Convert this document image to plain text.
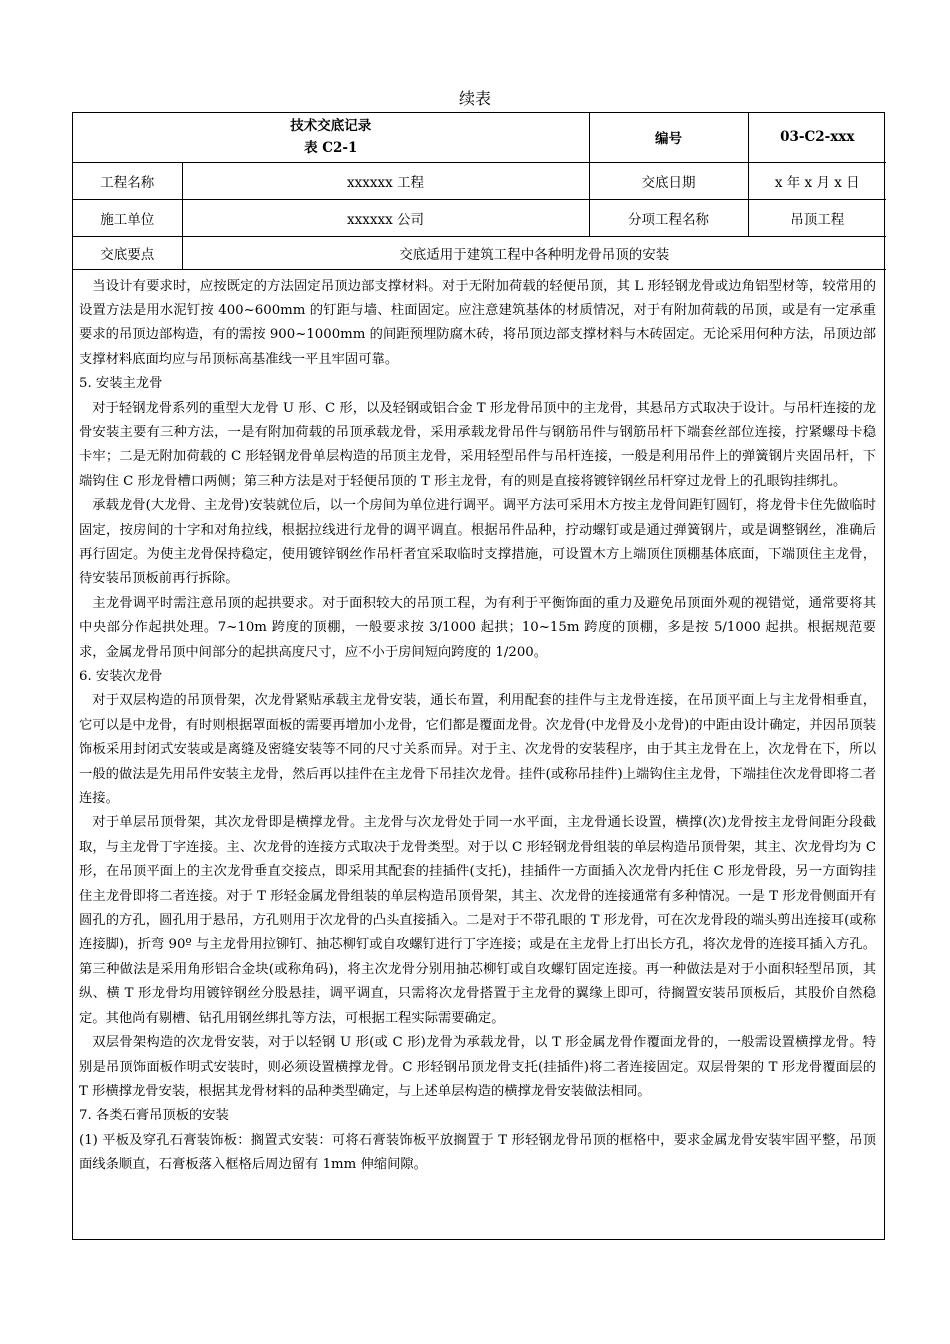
续表
技术交底记录
表 C2-1		编号	03-C2-xxx
工程名称	xxxxxx 工程	交底日期	x 年 x 月 x 日
施工单位	xxxxxx 公司	分项工程名称	吊顶工程
交底要点	交底适用于建筑工程中各种明龙骨吊顶的安装		

当设计有要求时，应按既定的方法固定吊顶边部支撑材料。对于无附加荷载的轻便吊顶，其 L 形轻钢龙骨或边角铝型材等，较常用的设置方法是用水泥钉按 400~600mm 的钉距与墙、柱面固定。应注意建筑基体的材质情况，对于有附加荷载的吊顶，或是有一定承重要求的吊顶边部构造，有的需按 900~1000mm 的间距预埋防腐木砖，将吊顶边部支撑材料与木砖固定。无论采用何种方法，吊顶边部支撑材料底面均应与吊顶标高基准线一平且牢固可靠。

5. 安装主龙骨

对于轻钢龙骨系列的重型大龙骨 U 形、C 形，以及轻钢或铝合金 T 形龙骨吊顶中的主龙骨，其悬吊方式取决于设计。与吊杆连接的龙骨安装主要有三种方法，一是有附加荷载的吊顶承载龙骨，采用承载龙骨吊件与钢筋吊件与钢筋吊杆下端套丝部位连接，拧紧螺母卡稳卡牢；二是无附加荷载的 C 形轻钢龙骨单层构造的吊顶主龙骨，采用轻型吊件与吊杆连接，一般是利用吊件上的弹簧钢片夹固吊杆，下端钩住 C 形龙骨槽口两侧；第三种方法是对于轻便吊顶的 T 形主龙骨，有的则是直接将镀锌钢丝吊杆穿过龙骨上的孔眼钩挂绑扎。

承载龙骨(大龙骨、主龙骨)安装就位后，以一个房间为单位进行调平。调平方法可采用木方按主龙骨间距钉圆钉，将龙骨卡住先做临时固定，按房间的十字和对角拉线，根据拉线进行龙骨的调平调直。根据吊件品种，拧动螺钉或是通过弹簧钢片，或是调整钢丝，准确后再行固定。为使主龙骨保持稳定，使用镀锌钢丝作吊杆者宜采取临时支撑措施，可设置木方上端顶住顶棚基体底面，下端顶住主龙骨，待安装吊顶板前再行拆除。

主龙骨调平时需注意吊顶的起拱要求。对于面积较大的吊顶工程，为有利于平衡饰面的重力及避免吊顶面外观的视错觉，通常要将其中央部分作起拱处理。7~10m 跨度的顶棚，一般要求按 3/1000 起拱；10~15m 跨度的顶棚，多是按 5/1000 起拱。根据规范要求，金属龙骨吊顶中间部分的起拱高度尺寸，应不小于房间短向跨度的 1/200。

6. 安装次龙骨

对于双层构造的吊顶骨架，次龙骨紧贴承载主龙骨安装，通长布置，利用配套的挂件与主龙骨连接，在吊顶平面上与主龙骨相垂直，它可以是中龙骨，有时则根据罩面板的需要再增加小龙骨，它们都是覆面龙骨。次龙骨(中龙骨及小龙骨)的中距由设计确定，并因吊顶装饰板采用封闭式安装或是离缝及密缝安装等不同的尺寸关系而异。对于主、次龙骨的安装程序，由于其主龙骨在上，次龙骨在下，所以一般的做法是先用吊件安装主龙骨，然后再以挂件在主龙骨下吊挂次龙骨。挂件(或称吊挂件)上端钩住主龙骨，下端挂住次龙骨即将二者连接。

对于单层吊顶骨架，其次龙骨即是横撑龙骨。主龙骨与次龙骨处于同一水平面，主龙骨通长设置，横撑(次)龙骨按主龙骨间距分段截取，与主龙骨丁字连接。主、次龙骨的连接方式取决于龙骨类型。对于以 C 形轻钢龙骨组装的单层构造吊顶骨架，其主、次龙骨均为 C 形，在吊顶平面上的主次龙骨垂直交接点，即采用其配套的挂插件(支托)，挂插件一方面插入次龙骨内托住 C 形龙骨段，另一方面钩挂住主龙骨即将二者连接。对于 T 形轻金属龙骨组装的单层构造吊顶骨架，其主、次龙骨的连接通常有多种情况。一是 T 形龙骨侧面开有圆孔的方孔，圆孔用于悬吊，方孔则用于次龙骨的凸头直接插入。二是对于不带孔眼的 T 形龙骨，可在次龙骨段的端头剪出连接耳(或称连接脚)，折弯 90º 与主龙骨用拉铆钉、抽芯柳钉或自攻螺钉进行丁字连接；或是在主龙骨上打出长方孔，将次龙骨的连接耳插入方孔。第三种做法是采用角形铝合金块(或称角码)，将主次龙骨分别用抽芯柳钉或自攻螺钉固定连接。再一种做法是对于小面积轻型吊顶，其纵、横 T 形龙骨均用镀锌钢丝分股悬挂，调平调直，只需将次龙骨搭置于主龙骨的翼缘上即可，待搁置安装吊顶板后，其股价自然稳定。其他尚有剔槽、钻孔用钢丝绑扎等方法，可根据工程实际需要确定。

双层骨架构造的次龙骨安装，对于以轻钢 U 形(或 C 形)龙骨为承载龙骨，以 T 形金属龙骨作覆面龙骨的，一般需设置横撑龙骨。特别是吊顶饰面板作明式安装时，则必须设置横撑龙骨。C 形轻钢吊顶龙骨支托(挂插件)将二者连接固定。双层骨架的 T 形龙骨覆面层的 T 形横撑龙骨安装，根据其龙骨材料的品种类型确定，与上述单层构造的横撑龙骨安装做法相同。

7. 各类石膏吊顶板的安装

(1) 平板及穿孔石膏装饰板：搁置式安装：可将石膏装饰板平放搁置于 T 形轻钢龙骨吊顶的框格中，要求金属龙骨安装牢固平整，吊顶面线条顺直，石膏板落入框格后周边留有 1mm 伸缩间隙。
